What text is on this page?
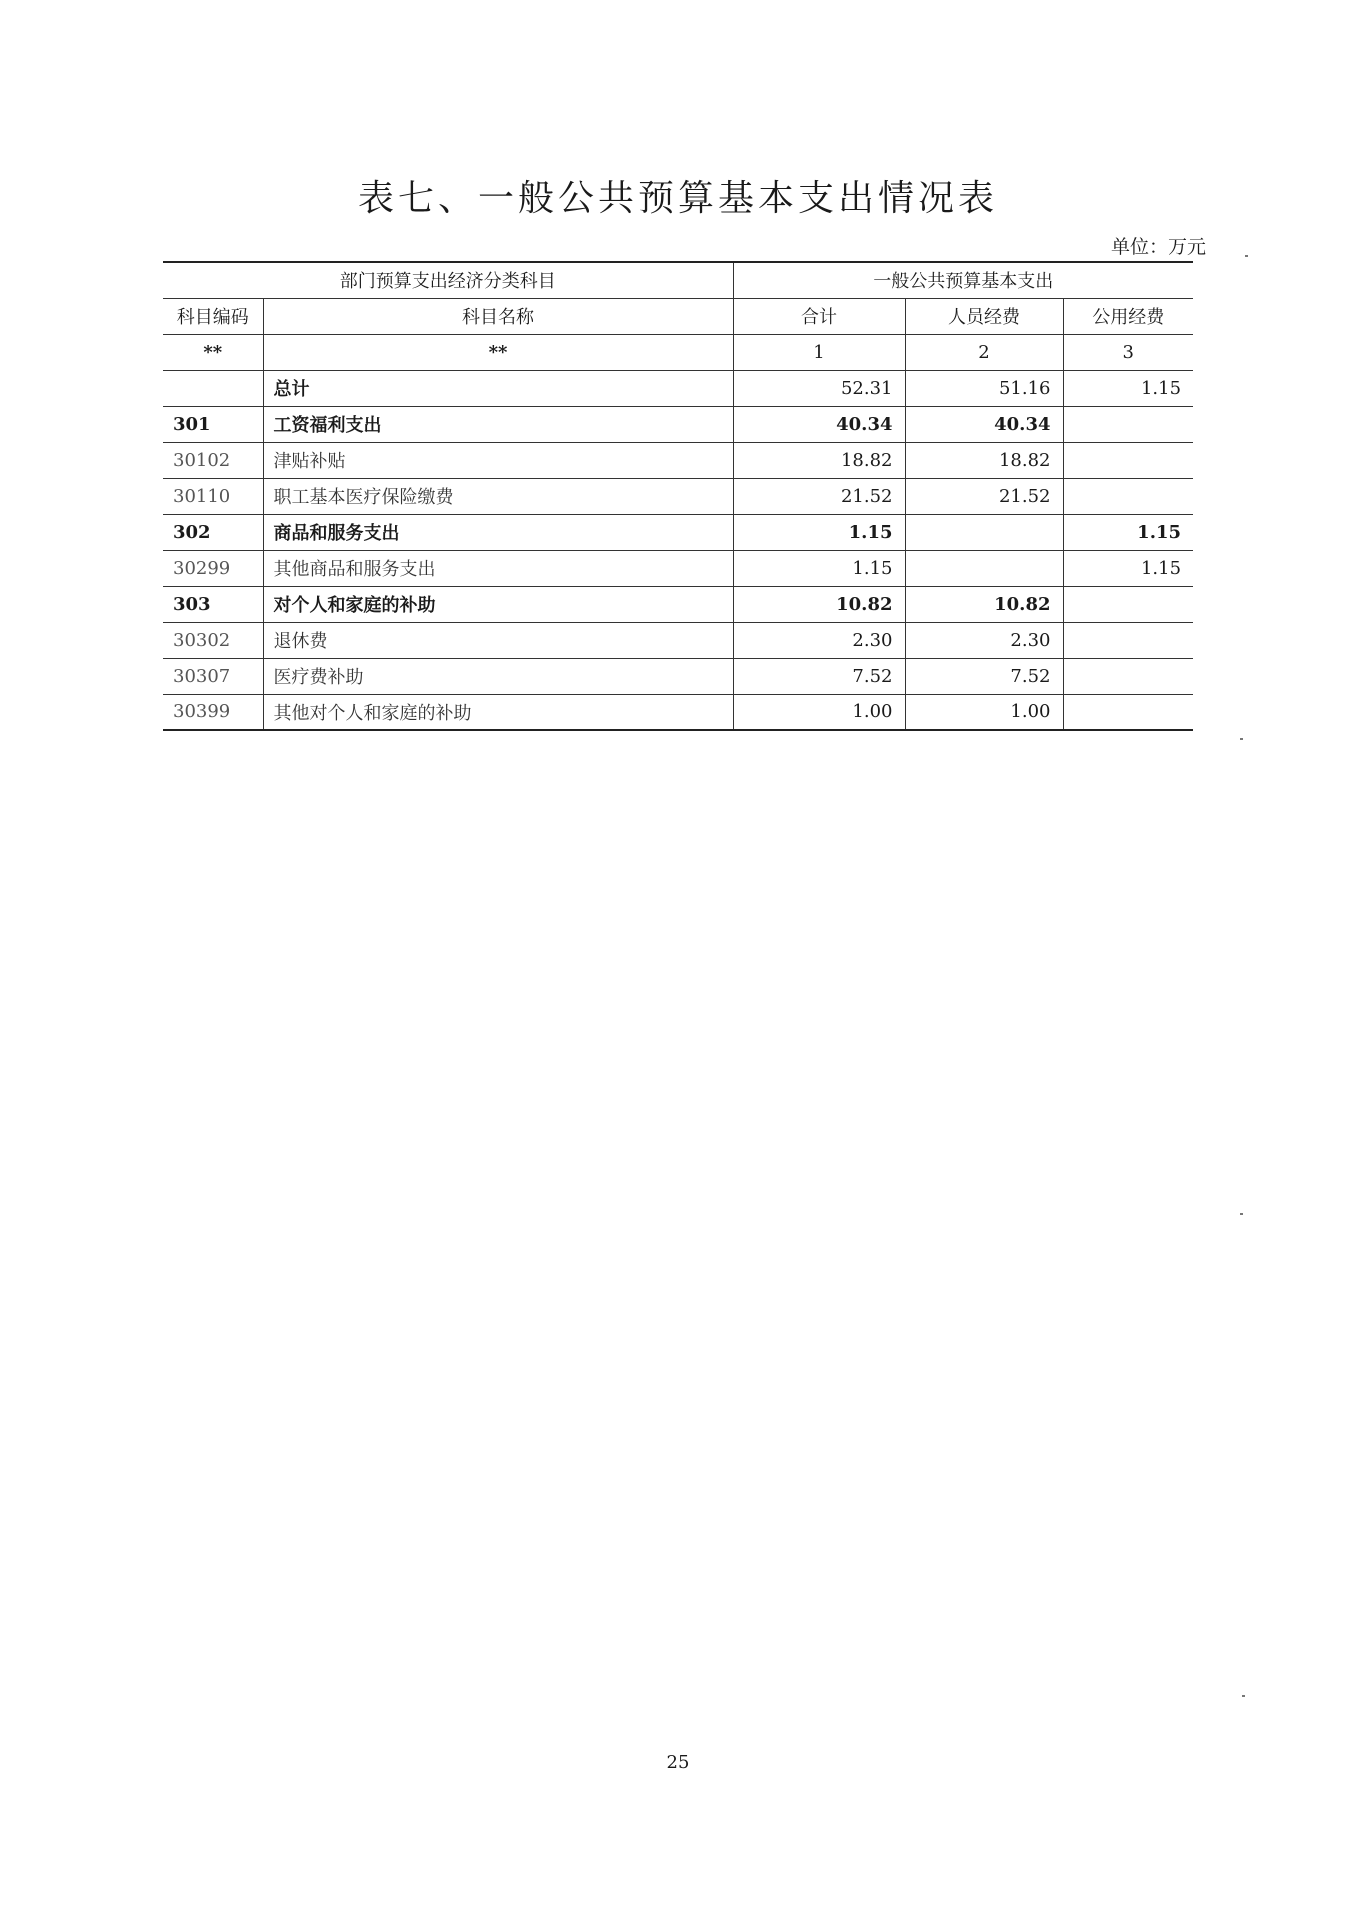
表七、一般公共预算基本支出情况表
单位：万元
部门预算支出经济分类科目		一般公共预算基本支出		
科目编码	科目名称	合计	人员经费	公用经费
**	**	1	2	3
	总计	52.31	51.16	1.15
301	工资福利支出	40.34	40.34	
30102	津贴补贴	18.82	18.82	
30110	职工基本医疗保险缴费	21.52	21.52	
302	商品和服务支出	1.15		1.15
30299	其他商品和服务支出	1.15		1.15
303	对个人和家庭的补助	10.82	10.82	
30302	退休费	2.30	2.30	
30307	医疗费补助	7.52	7.52	
30399	其他对个人和家庭的补助	1.00	1.00	
25
